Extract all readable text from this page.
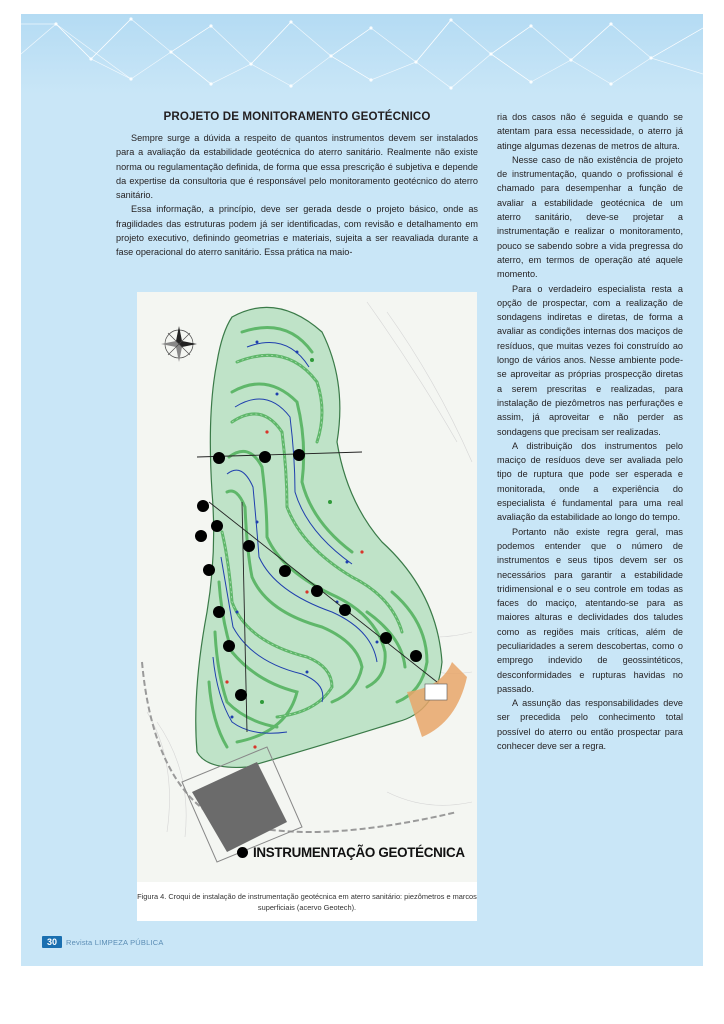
PROJETO DE MONITORAMENTO GEOTÉCNICO

Sempre surge a dúvida a respeito de quantos instrumentos devem ser instalados para a avaliação da estabilidade geotécnica do aterro sanitário. Realmente não existe norma ou regulamentação definida, de forma que essa prescrição é subjetiva e depende da expertise da consultoria que é responsável pelo monitoramento geotécnico do aterro sanitário.

Essa informação, a princípio, deve ser gerada desde o projeto básico, onde as fragilidades das estruturas podem já ser identificadas, com revisão e detalhamento em projeto executivo, definindo geometrias e materiais, sujeita a ser reavaliada durante a fase operacional do aterro sanitário. Essa prática na maio-

INSTRUMENTAÇÃO GEOTÉCNICA
Figura 4. Croqui de instalação de instrumentação geotécnica em aterro sanitário: piezômetros e marcos superficiais (acervo Geotech).

ria dos casos não é seguida e quando se atentam para essa necessidade, o aterro já atinge algumas dezenas de metros de altura.

Nesse caso de não existência de projeto de instrumentação, quando o profissional é chamado para desempenhar a função de avaliar a estabilidade geotécnica de um aterro sanitário, deve-se projetar a instrumentação e realizar o monitoramento, pouco se sabendo sobre a vida pregressa do aterro, em termos de operação até aquele momento.

Para o verdadeiro especialista resta a opção de prospectar, com a realização de sondagens indiretas e diretas, de forma a avaliar as condições internas dos maciços de resíduos, que muitas vezes foi construído ao longo de vários anos. Nesse ambiente pode-se aproveitar as próprias prospecção diretas a serem prescritas e realizadas, para instalação de piezômetros nas perfurações e assim, já aproveitar e não perder as sondagens que precisam ser realizadas.

A distribuição dos instrumentos pelo maciço de resíduos deve ser avaliada pelo tipo de ruptura que pode ser esperada e monitorada, onde a experiência do especialista é fundamental para uma real avaliação da estabilidade ao longo do tempo.

Portanto não existe regra geral, mas podemos entender que o número de instrumentos e seus tipos devem ser os necessários para garantir a estabilidade tridimensional e o seu controle em todas as faces do maciço, atentando-se para as maiores alturas e declividades dos taludes como as regiões mais críticas, além de peculiaridades a serem descobertas, como o emprego indevido de geossintéticos, desconformidades e rupturas havidas no passado.

A assunção das responsabilidades deve ser precedida pelo conhecimento total possível do aterro ou então prospectar para conhecer deve ser a regra.

30	Revista LIMPEZA PÚBLICA
